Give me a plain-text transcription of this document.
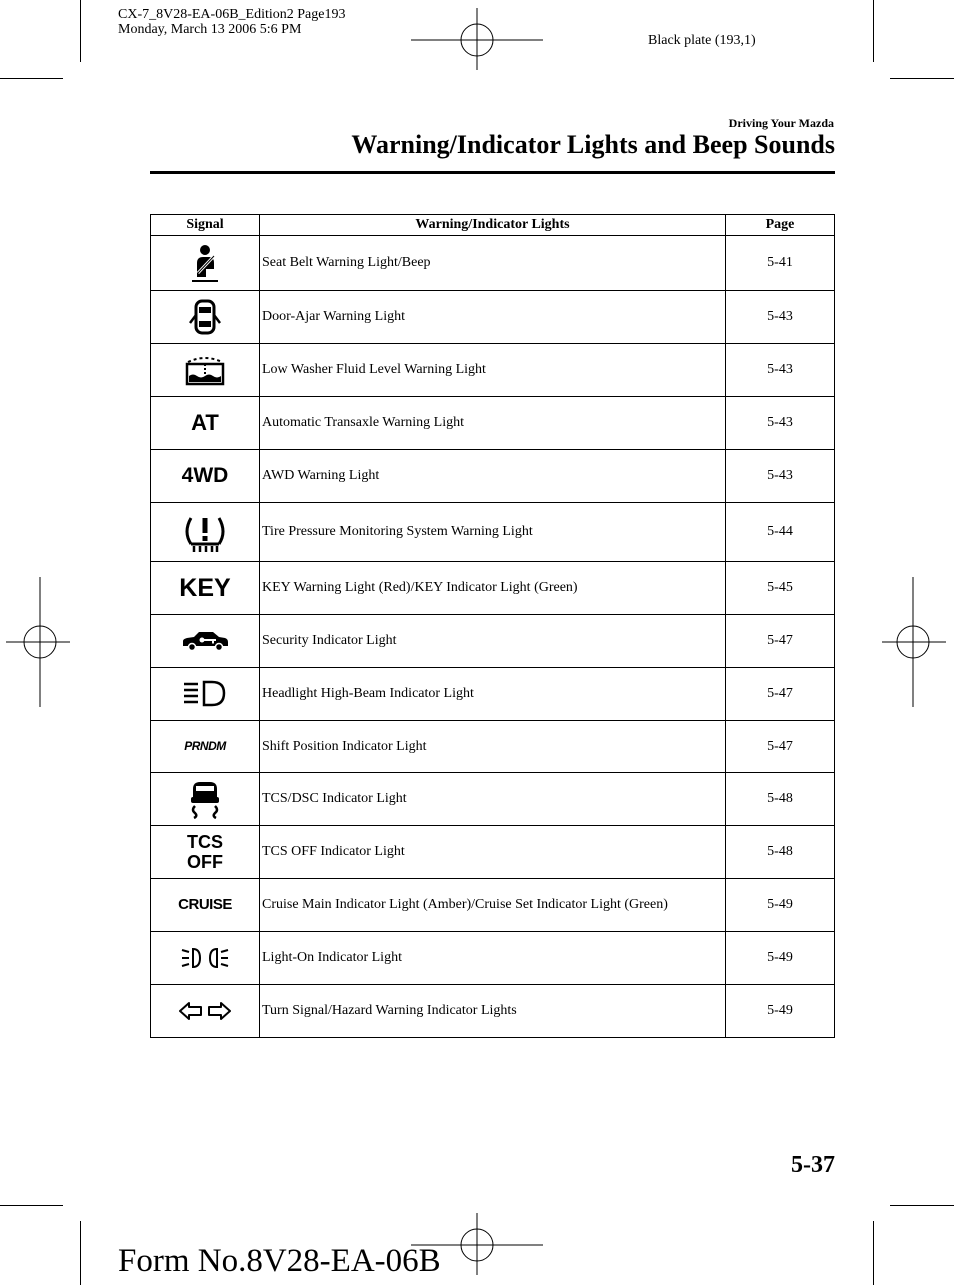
CX-7_8V28-EA-06B_Edition2 Page193
Monday, March 13 2006 5:6 PM
Black plate (193,1)
Driving Your Mazda
Warning/Indicator Lights and Beep Sounds
Signal	Warning/Indicator Lights	Page
	Seat Belt Warning Light/Beep	5-41
	Door-Ajar Warning Light	5-43
	Low Washer Fluid Level Warning Light	5-43
AT	Automatic Transaxle Warning Light	5-43
4WD	AWD Warning Light	5-43
	Tire Pressure Monitoring System Warning Light	5-44
KEY	KEY Warning Light (Red)/KEY Indicator Light (Green)	5-45
	Security Indicator Light	5-47
	Headlight High-Beam Indicator Light	5-47
PRNDM	Shift Position Indicator Light	5-47
	TCS/DSC Indicator Light	5-48

TCS
OFF	TCS OFF Indicator Light	5-48
CRUISE	Cruise Main Indicator Light (Amber)/Cruise Set Indicator Light (Green)	5-49
	Light-On Indicator Light	5-49
	Turn Signal/Hazard Warning Indicator Lights	5-49
5-37
Form No.8V28-EA-06B
